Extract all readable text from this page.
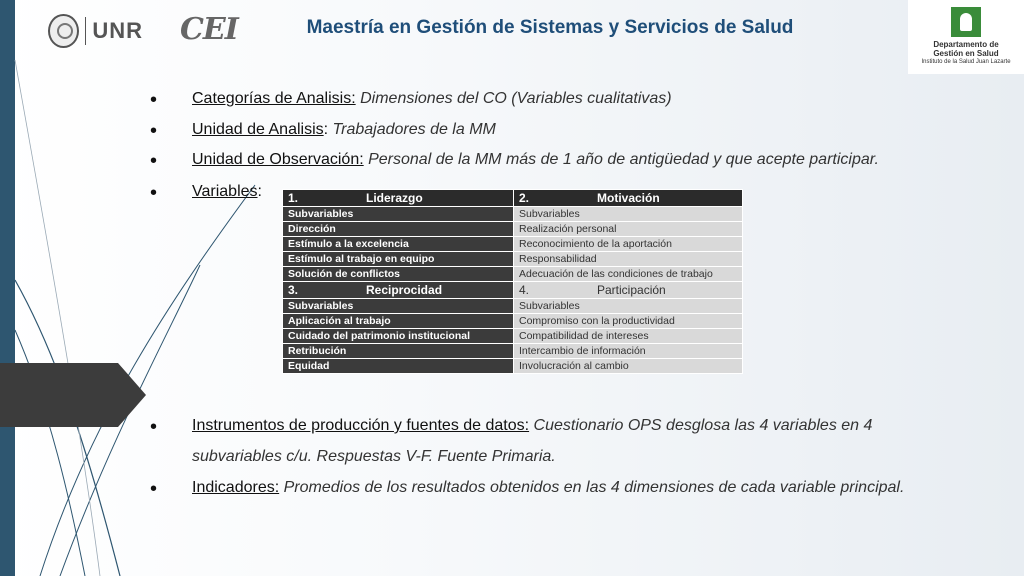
UNR CEI	Maestría en Gestión de Sistemas y Servicios de Salud
Departamento de
Gestión en Salud
Instituto de la Salud Juan Lazarte
• Categorías de Analisis: Dimensiones del CO (Variables cualitativas)
• Unidad de Analisis: Trabajadores de la MM
• Unidad de Observación: Personal de la MM más de 1 año de antigüedad y que acepte participar.
• Variables:
• Instrumentos de producción y fuentes de datos: Cuestionario OPS desglosa las 4 variables en 4
subvariables c/u. Respuestas V-F. Fuente Primaria.
• Indicadores: Promedios de los resultados obtenidos en las 4 dimensiones de cada variable principal.
1. Liderazgo	2. Motivación
Subvariables	Subvariables
Dirección	Realización personal
Estímulo a la excelencia	Reconocimiento de la aportación
Estímulo al trabajo en equipo	Responsabilidad
Solución de conflictos	Adecuación de las condiciones de trabajo
3. Reciprocidad	4. Participación
Subvariables	Subvariables
Aplicación al trabajo	Compromiso con la productividad
Cuidado del patrimonio institucional	Compatibilidad de intereses
Retribución	Intercambio de información
Equidad	Involucración al cambio
